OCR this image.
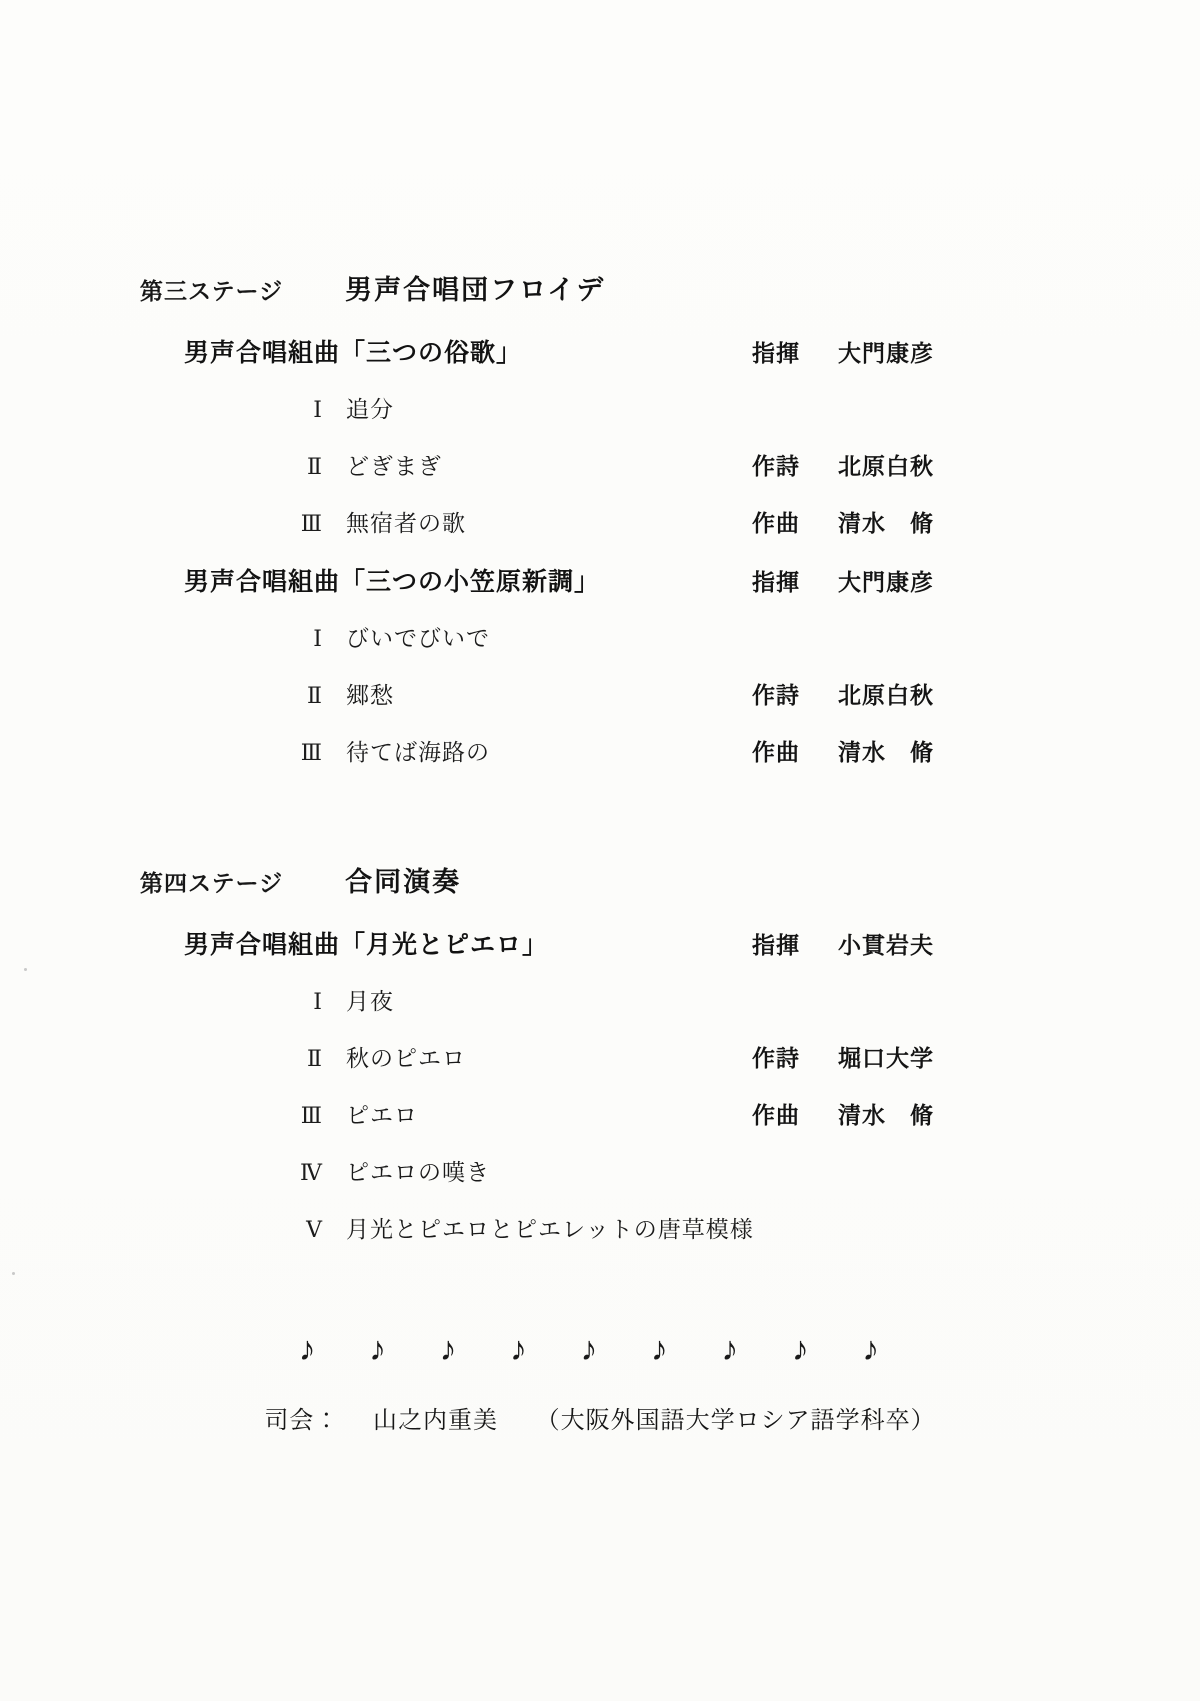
第三ステージ 男声合唱団フロイデ
男声合唱組曲「三つの俗歌」	指揮	大門康彦
Ⅰ 追分
Ⅱ どぎまぎ	作詩	北原白秋
Ⅲ 無宿者の歌	作曲	清水　脩
男声合唱組曲「三つの小笠原新調」	指揮	大門康彦
Ⅰ びいでびいで
Ⅱ 郷愁	作詩	北原白秋
Ⅲ 待てば海路の	作曲	清水　脩
第四ステージ 合同演奏
男声合唱組曲「月光とピエロ」	指揮	小貫岩夫
Ⅰ 月夜
Ⅱ 秋のピエロ	作詩	堀口大学
Ⅲ ピエロ	作曲	清水　脩
Ⅳ ピエロの嘆き
Ⅴ 月光とピエロとピエレットの唐草模様
♪ ♪ ♪ ♪ ♪ ♪ ♪ ♪ ♪
司会： 山之内重美 （大阪外国語大学ロシア語学科卒）
